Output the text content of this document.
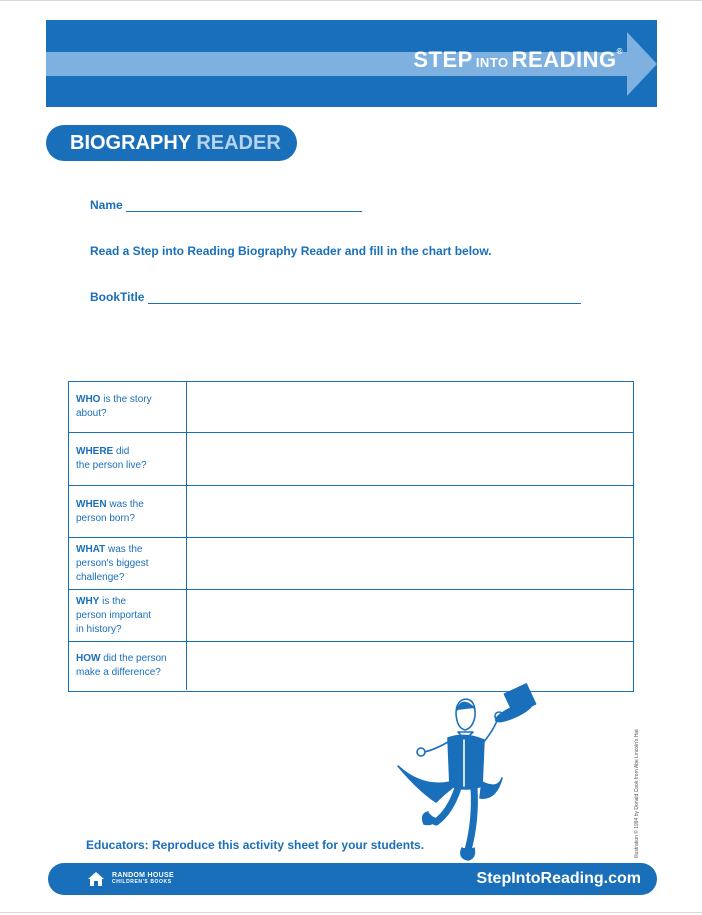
STEP INTO READING®
BIOGRAPHY READER
Name
Read a Step into Reading Biography Reader and fill in the chart below.
BookTitle
WHO is the story
about?
WHERE did
the person live?
WHEN was the
person born?
WHAT was the
person's biggest
challenge?
WHY is the
person important
in history?
HOW did the person
make a difference?
Illustration © 1994 by Donald Cook from Abe Lincoln's Hat
Educators: Reproduce this activity sheet for your students.
RANDOM HOUSE
CHILDREN'S BOOKS	StepIntoReading.com
